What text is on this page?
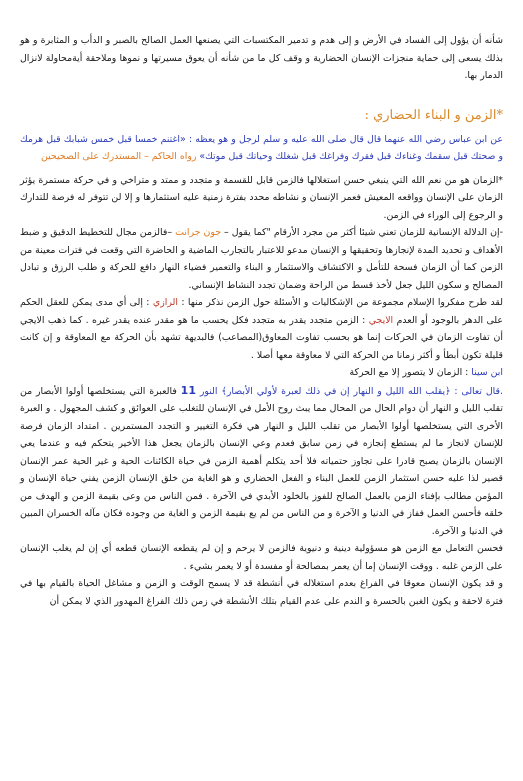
شأنه أن يؤول إلى الفساد في الأرض و إلى هدم و تدمير المكتسبات التي يصنعها العمل الصالح بالصبر و الدأب و المثابرة و هو بذلك يسعى إلى حماية منجزات الإنسان الحضارية و وقف كل ما من شأنه أن يعوق مسيرتها و نموها وملاحقة أيةمحاولة لانزال الدمار بها.

*الزمن و البناء الحضاري :

عن ابن عباس رضي الله عنهما قال قال صلى الله عليه و سلم لرجل و هو يعظه : «اغتنم خمسا قبل خمس شبابك قبل هرمك و صحتك قبل سقمك وغناءك قبل فقرك وفراغك قبل شغلك وحياتك قبل موتك» رواه الحاكم – المستدرك على الصحيحين

*الزمان هو من نعم الله التي ينبغي حسن استغلالها فالزمن قابل للقسمة و متجدد و ممتد و متراخي و في حركة مستمرة يؤثر الزمان على الإنسان وواقعه المعيش فعمر الإنسان و نشاطه محدد بفترة زمنية عليه استثمارها و إلا لن تتوفر له فرصة للتدارك و الرجوع إلى الوراء في الزمن.

-إن الدلالة الإنسانية للزمان تعني شيئا أكثر من مجرد الأرقام "كما يقول – جون جرانت –فالزمن مجال للتخطيط الدقيق و ضبط الأهداف و تحديد المدة لإنجازها وتحقيقها و الإنسان مدعو للاعتبار بالتجارب الماضية و الحاضرة التي وقعت في فترات معينة من الزمن كما أن الزمان فسحة للتأمل و الاكتشاف والاستثمار و البناء والتعمير فضياء النهار دافع للحركة و طلب الرزق و تبادل المصالح و سكون الليل جعل لأخذ قسط من الراحة وضمان تجدد النشاط الإنساني.

لقد طرح مفكروا الإسلام مجموعة من الإشكاليات و الأسئلة حول الزمن نذكر منها : الرازي : إلى أي مدى يمكن للعقل الحكم على الدهر بالوجود أو العدم الايجي : الزمن متجدد يقدر به متجدد فكل يحسب ما هو مقدر عنده يقدر غيره . كما ذهب الايجي أن تفاوت الزمان في الحركات إنما هو بحسب تفاوت المعاوق(المصاعب) فالبديهة تشهد بأن الحركة مع المعاوقة و إن كانت قليلة تكون أبطأ و أكثر زمانا من الحركة التي لا معاوقة معها أصلا .

ابن سينا : الزمان لا يتصور إلا مع الحركة

.قال تعالى : ﴿يقلب الله الليل و النهار إن في ذلك لعبرة لأولي الأبصار﴾ النور 11 فالعبرة التي يستخلصها أولوا الأبصار من تقلب الليل و النهار أن دوام الحال من المحال مما يبث روح الأمل في الإنسان للتغلب على العوائق و كشف المجهول . و العبرة الأخرى التي يستخلصها أولوا الأبصار من تقلب الليل و النهار هي فكرة التغيير و التجدد المستمرين . امتداد الزمان فرصة للإنسان لانجاز ما لم يستطع إنجازه في زمن سابق فعدم وعي الإنسان بالزمان يجعل هذا الأخير يتحكم فيه و عندما يعي الإنسان بالزمان يصبح قادرا على تجاوز حتمياته فلا أحد يتكلم أهمية الزمن في حياة الكائنات الحية و غير الحية عمر الإنسان قصير لذا عليه حسن استثمار الزمن للعمل البناء و الفعل الحضاري و هو الغاية من خلق الإنسان الزمن يفني حياة الإنسان و المؤمن مطالب بإفناء الزمن بالعمل الصالح للفوز بالخلود الأبدي في الآخرة . فمن الناس من وعى بقيمة الزمن و الهدف من خلقه فأحسن العمل ففاز في الدنيا و الآخرة و من الناس من لم يع بقيمة الزمن و الغاية من وجوده فكان مآله الخسران المبين في الدنيا و الآخرة.

فحسن التعامل مع الزمن هو مسؤولية دينية و دنيوية فالزمن لا يرحم و إن لم يقطعه الإنسان قطعه أي إن لم يغلب الإنسان على الزمن غلبه . ووقت الإنسان إما أن يعمر بمصالحة أو مفسدة أو لا يعمر بشيء .

و قد يكون الإنسان معوقا في الفراغ بعدم استغلاله في أنشطة قد لا يسمح الوقت و الزمن و مشاغل الحياة بالقيام بها في فترة لاحقة و يكون الغبن بالحسرة و الندم على عدم القيام بتلك الأنشطة في زمن ذلك الفراغ المهدور الذي لا يمكن أن
